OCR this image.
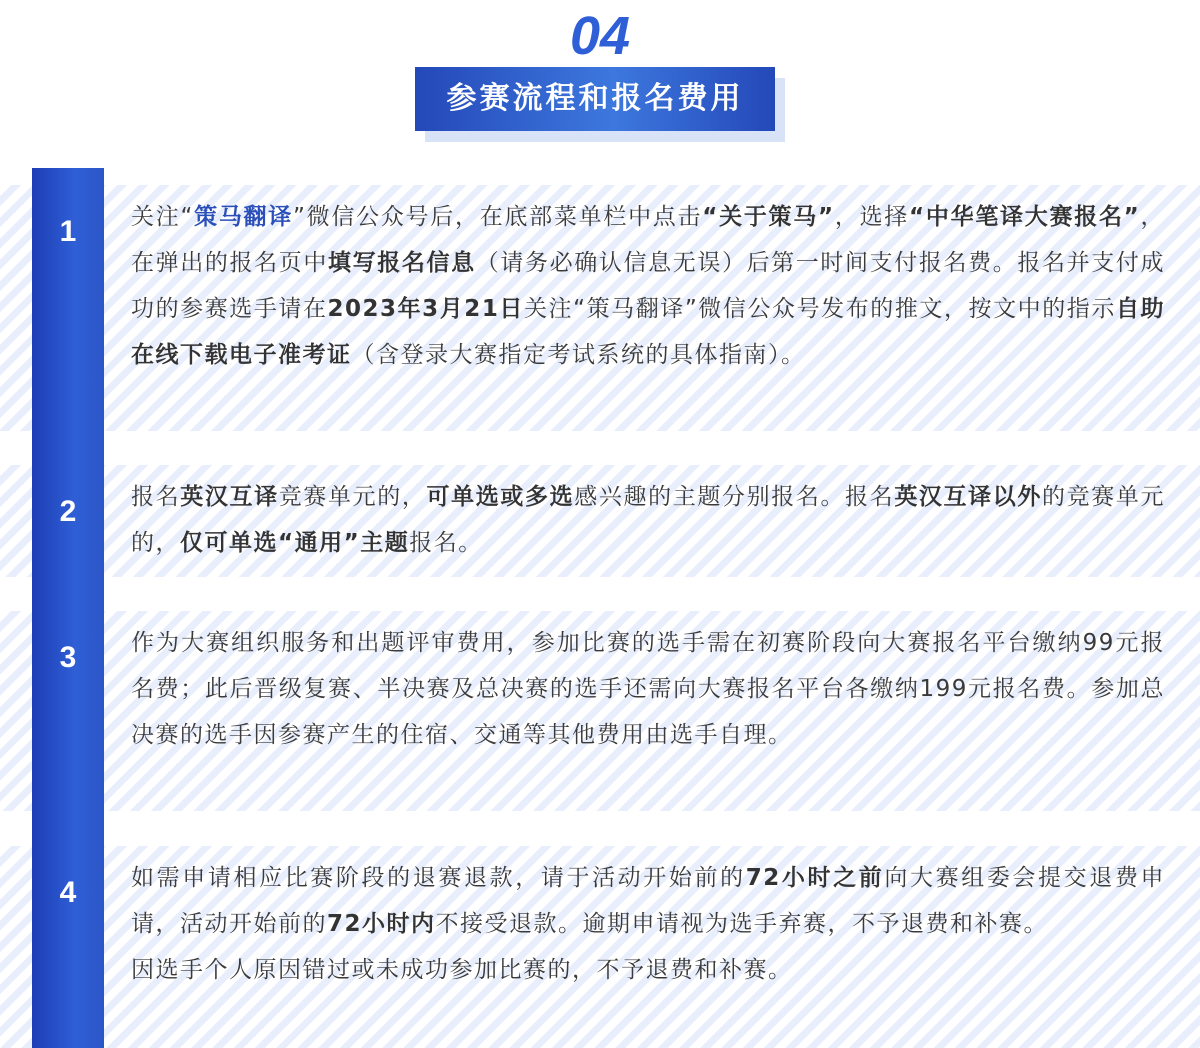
04
参赛流程和报名费用
1
2
3
4

关注“策马翻译”微信公众号后，在底部菜单栏中点击“关于策马”，选择“中华笔译大赛报名”，在弹出的报名页中填写报名信息（请务必确认信息无误）后第一时间支付报名费。报名并支付成功的参赛选手请在2023年3月21日关注“策马翻译”微信公众号发布的推文，按文中的指示自助在线下载电子准考证（含登录大赛指定考试系统的具体指南）。

报名英汉互译竞赛单元的，可单选或多选感兴趣的主题分别报名。报名英汉互译以外的竞赛单元的，仅可单选“通用”主题报名。

作为大赛组织服务和出题评审费用，参加比赛的选手需在初赛阶段向大赛报名平台缴纳99元报名费；此后晋级复赛、半决赛及总决赛的选手还需向大赛报名平台各缴纳199元报名费。参加总决赛的选手因参赛产生的住宿、交通等其他费用由选手自理。

如需申请相应比赛阶段的退赛退款，请于活动开始前的72小时之前向大赛组委会提交退费申请，活动开始前的72小时内不接受退款。逾期申请视为选手弃赛，不予退费和补赛。

因选手个人原因错过或未成功参加比赛的，不予退费和补赛。
